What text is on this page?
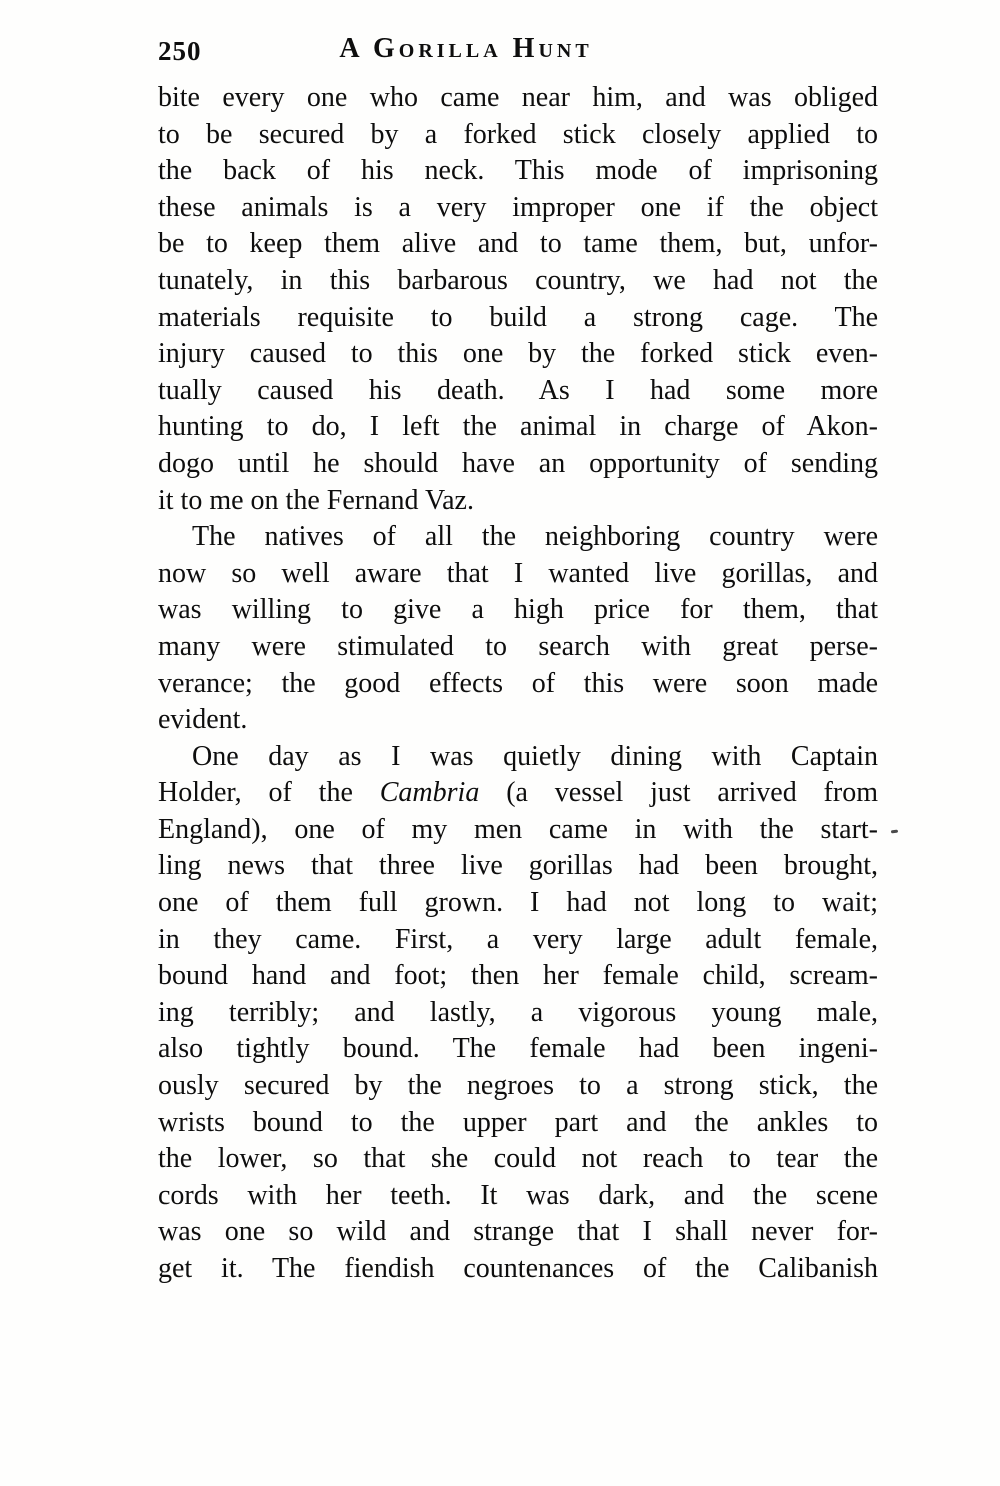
250	A Gorilla Hunt
bite every one who came near him, and was obliged
to be secured by a forked stick closely applied to
the back of his neck. This mode of imprisoning
these animals is a very improper one if the object
be to keep them alive and to tame them, but, unfor-
tunately, in this barbarous country, we had not the
materials requisite to build a strong cage. The
injury caused to this one by the forked stick even-
tually caused his death. As I had some more
hunting to do, I left the animal in charge of Akon-
dogo until he should have an opportunity of sending
it to me on the Fernand Vaz.
The natives of all the neighboring country were
now so well aware that I wanted live gorillas, and
was willing to give a high price for them, that
many were stimulated to search with great perse-
verance; the good effects of this were soon made
evident.
One day as I was quietly dining with Captain
Holder, of the Cambria (a vessel just arrived from
England), one of my men came in with the start-
ling news that three live gorillas had been brought,
one of them full grown. I had not long to wait;
in they came. First, a very large adult female,
bound hand and foot; then her female child, scream-
ing terribly; and lastly, a vigorous young male,
also tightly bound. The female had been ingeni-
ously secured by the negroes to a strong stick, the
wrists bound to the upper part and the ankles to
the lower, so that she could not reach to tear the
cords with her teeth. It was dark, and the scene
was one so wild and strange that I shall never for-
get it. The fiendish countenances of the Calibanish
